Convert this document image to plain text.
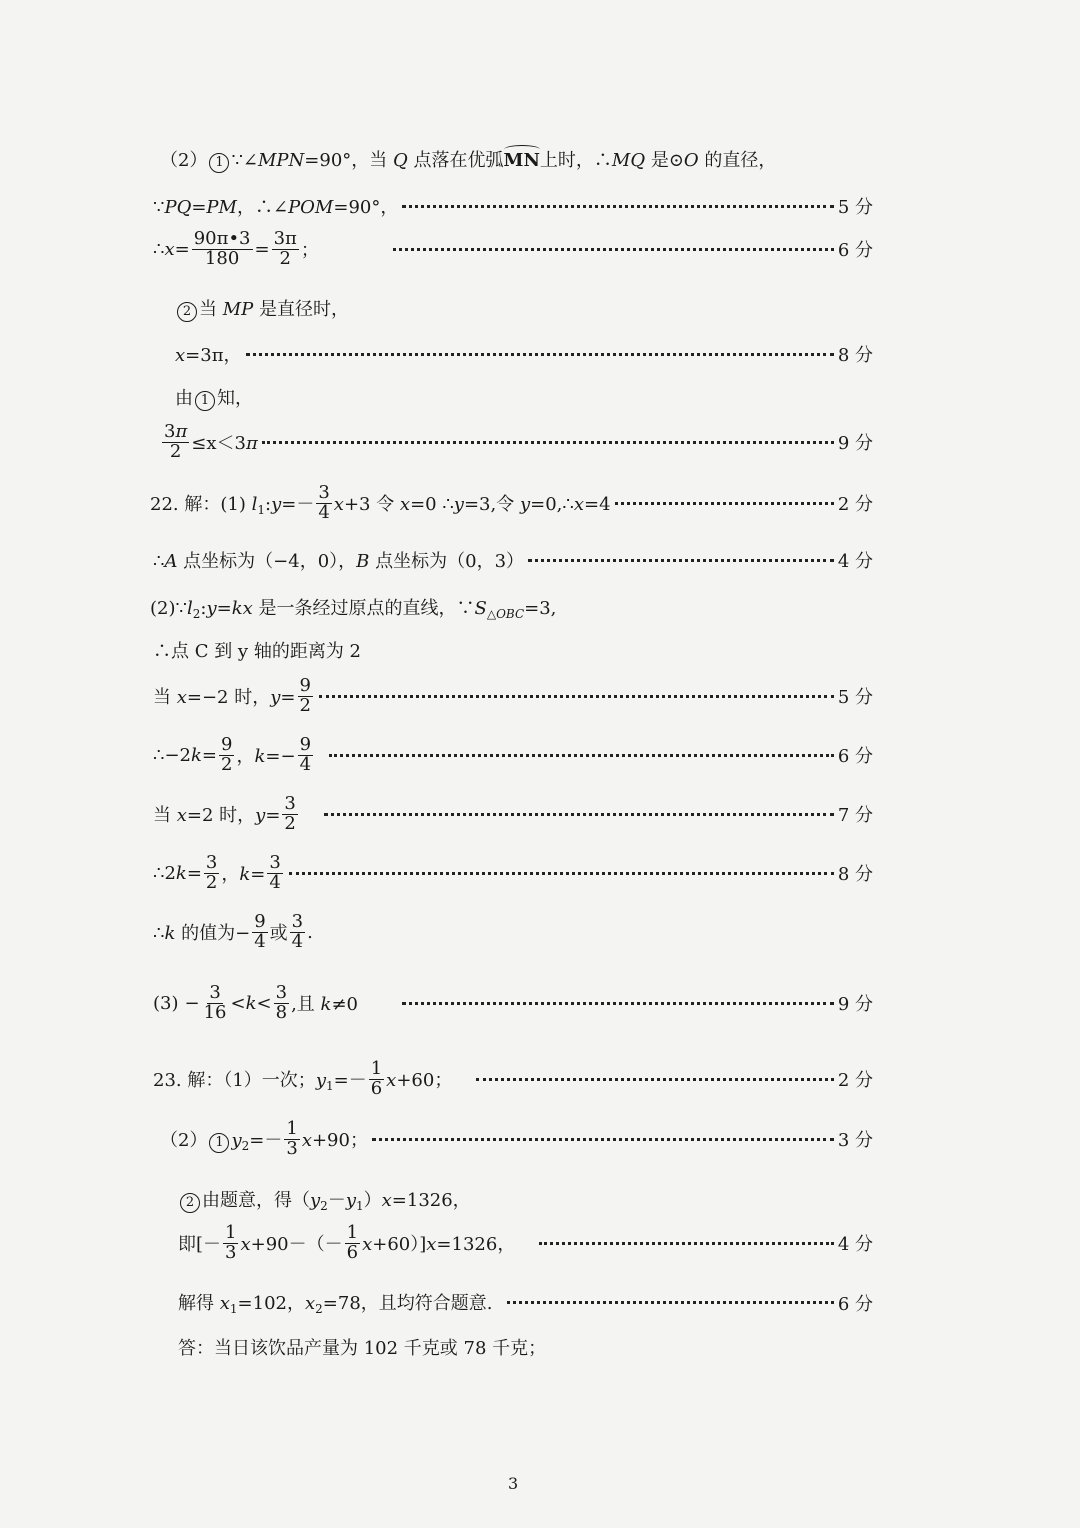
（2） 1 ∵∠MPN=90°，当 Q 点落在优弧MN上时，∴MQ 是⊙O 的直径，
∵PQ=PM，∴∠POM=90°，	5 分
∴x= $\frac{90\pi•3}{180} = \frac{3\pi}{2}$ ；	6 分
2 当 MP 是直径时，
x=3π，	8 分
由 1 知，
$\frac{3\pi}{2} \le x<3\pi$	9 分
22. 解：(1) $l_1:y=- \frac{3}{4} x+3$ 令 x=0 ∴y=3,令 y=0,∴x=4	2 分
∴A 点坐标为（−4，0），B 点坐标为（0，3）	4 分
$(2)\because l_2:y=kx$ 是一条经过原点的直线，$\because S_{\triangle OBC}=3$,
∴点 C 到 y 轴的距离为 2
当 x=−2 时，$y= \frac{9}{2}$	5 分
∴−2k= $\frac{9}{2}$ ，$k=- \frac{9}{4}$	6 分
当 x=2 时，$y= \frac{3}{2}$	7 分
∴2k= $\frac{3}{2}$ ，$k= \frac{3}{4}$	8 分
∴k 的值为− $\frac{9}{4}$ 或 $\frac{3}{4}$ .
$(3) - \frac{3}{16} <k< \frac{3}{8}$ ,且 k≠0	9 分
23. 解：（1）一次；$y_1=- \frac{1}{6} x+60$；	2 分
（2） 1 $y_2=- \frac{1}{3} x+90$；	3 分
2 由题意，得$(y_2-y_1)x=1326$，
即[－ $\frac{1}{3} x+90-(- \frac{1}{6} x+60)]x=1326$，	4 分
解得 $x_1=102$，$x_2=78$，且均符合题意.	6 分
答：当日该饮品产量为 102 千克或 78 千克；
3
